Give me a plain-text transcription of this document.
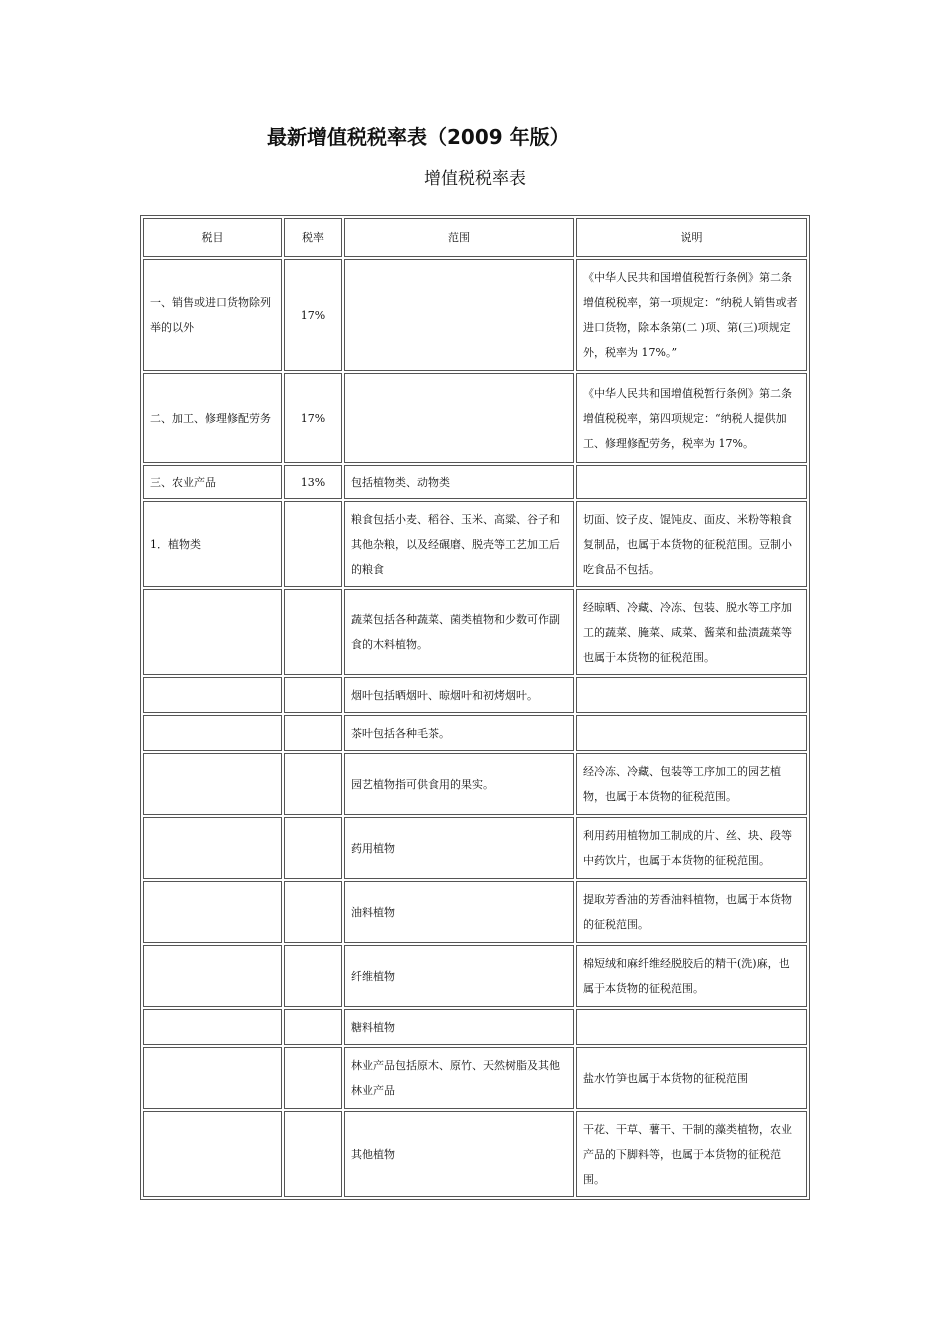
最新增值税税率表（2009 年版）
增值税税率表
税目	税率	范围	说明
一、销售或进口货物除列举的以外	17%		《中华人民共和国增值税暂行条例》第二条增值税税率，第一项规定：“纳税人销售或者进口货物，除本条第(二 )项、第(三)项规定外，税率为 17%。”
二、加工、修理修配劳务	17%		《中华人民共和国增值税暂行条例》第二条增值税税率，第四项规定：“纳税人提供加工、修理修配劳务，税率为 17%。
三、农业产品	13%	包括植物类、动物类	
1．植物类		粮食包括小麦、稻谷、玉米、高粱、谷子和其他杂粮，以及经碾磨、脱壳等工艺加工后的粮食	切面、饺子皮、馄饨皮、面皮、米粉等粮食复制品，也属于本货物的征税范围。豆制小吃食品不包括。
		蔬菜包括各种蔬菜、菌类植物和少数可作副食的木料植物。	经晾晒、冷藏、冷冻、包装、脱水等工序加工的蔬菜、腌菜、咸菜、酱菜和盐渍蔬菜等也属于本货物的征税范围。
		烟叶包括晒烟叶、晾烟叶和初烤烟叶。	
		茶叶包括各种毛茶。	
		园艺植物指可供食用的果实。	经冷冻、冷藏、包装等工序加工的园艺植物，也属于本货物的征税范围。
		药用植物	利用药用植物加工制成的片、丝、块、段等中药饮片，也属于本货物的征税范围。
		油料植物	提取芳香油的芳香油料植物，也属于本货物的征税范围。
		纤维植物	棉短绒和麻纤维经脱胶后的精干(洗)麻，也属于本货物的征税范围。
		糖料植物	
		林业产品包括原木、原竹、天然树脂及其他林业产品	盐水竹笋也属于本货物的征税范围
		其他植物	干花、干草、薯干、干制的藻类植物，农业产品的下脚料等，也属于本货物的征税范围。
